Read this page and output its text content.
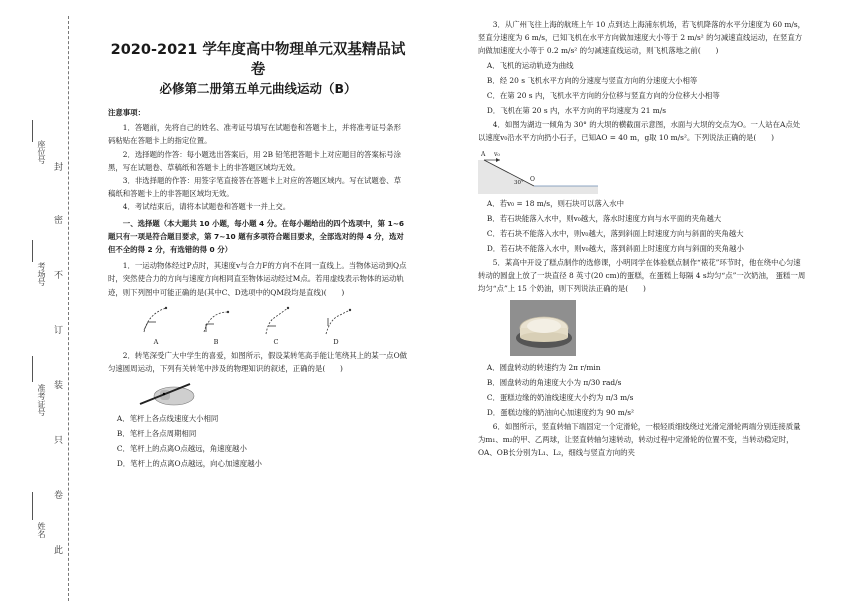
封
密
不
订
装
只
卷
此
座位号
考场号
准考证号
姓名
2020-2021 学年度高中物理单元双基精品试卷
必修第二册第五单元曲线运动（B）
注意事项：

1．答题前，先将自己的姓名、准考证号填写在试题卷和答题卡上，并将准考证号条形码粘贴在答题卡上的指定位置。

2．选择题的作答：每小题选出答案后，用 2B 铅笔把答题卡上对应题目的答案标号涂黑，写在试题卷、草稿纸和答题卡上的非答题区域均无效。

3．非选择题的作答：用签字笔直接答在答题卡上对应的答题区域内。写在试题卷、草稿纸和答题卡上的非答题区域均无效。

4．考试结束后，请将本试题卷和答题卡一并上交。

一、选择题（本大题共 10 小题，每小题 4 分。在每小题给出的四个选项中，第 1~6 题只有一项是符合题目要求，第 7~10 题有多项符合题目要求，全部选对的得 4 分，选对但不全的得 2 分，有选错的得 0 分）

1．一运动物体经过P点时，其速度v与合力F的方向不在同一直线上。当物体运动到Q点时，突然使合力的方向与速度方向相同直至物体运动经过M点。若用虚线表示物体的运动轨迹，则下列图中可能正确的是(其中C、D选项中的QM段均是直线)(　　)

A	B	C	D

2．转笔深受广大中学生的喜爱，如图所示，假设某转笔高手能让笔绕其上的某一点O做匀速圆周运动，下列有关转笔中涉及的物理知识的叙述，正确的是(　　)

A．笔杆上各点线速度大小相同

B．笔杆上各点周期相同

C．笔杆上的点离O点越远，角速度越小

D．笔杆上的点离O点越远，向心加速度越小

3．从广州飞往上海的航班上午 10 点到达上海浦东机场，若飞机降落的水平分速度为 60 m/s，竖直分速度为 6 m/s，已知飞机在水平方向做加速度大小等于 2 m/s² 的匀减速直线运动，在竖直方向做加速度大小等于 0.2 m/s² 的匀减速直线运动，则飞机落地之前(　　)

A．飞机的运动轨迹为曲线

B．经 20 s 飞机水平方向的分速度与竖直方向的分速度大小相等

C．在第 20 s 内，飞机水平方向的分位移与竖直方向的分位移大小相等

D．飞机在第 20 s 内，水平方向的平均速度为 21 m/s

4．如图为湖边一倾角为 30° 的大坝的横截面示意图，水面与大坝的交点为O。一人站在A点处以速度v₀沿水平方向扔小石子，已知AO = 40 m，g取 10 m/s²。下列说法正确的是(　　)

A v₀
O
30°

A．若v₀ = 18 m/s，则石块可以落入水中

B．若石块能落入水中，则v₀越大，落水时速度方向与水平面的夹角越大

C．若石块不能落入水中，则v₀越大，落到斜面上时速度方向与斜面的夹角越大

D．若石块不能落入水中，则v₀越大，落到斜面上时速度方向与斜面的夹角越小

5．某高中开设了糕点制作的选修课，小明同学在体验糕点制作“裱花”环节时，他在绕中心匀速转动的圆盘上放了一块直径 8 英寸(20 cm)的蛋糕，在蛋糕上每隔 4 s均匀“点”一次奶油， 蛋糕一周均匀“点”上 15 个奶油，则下列说法正确的是(　　)

A．圆盘转动的转速约为 2π r/min

B．圆盘转动的角速度大小为 π/30 rad/s

C．蛋糕边缘的奶油线速度大小约为 π/3 m/s

D．蛋糕边缘的奶油向心加速度约为 90 m/s²

6．如图所示，竖直转轴下端固定一个定滑轮，一根轻质细线绕过光滑定滑轮两端分别连接质量为m₁、m₂的甲、乙两球，让竖直转轴匀速转动，转动过程中定滑轮的位置不变，当转动稳定时，OA、OB长分别为L₁、L₂，细线与竖直方向的夹
